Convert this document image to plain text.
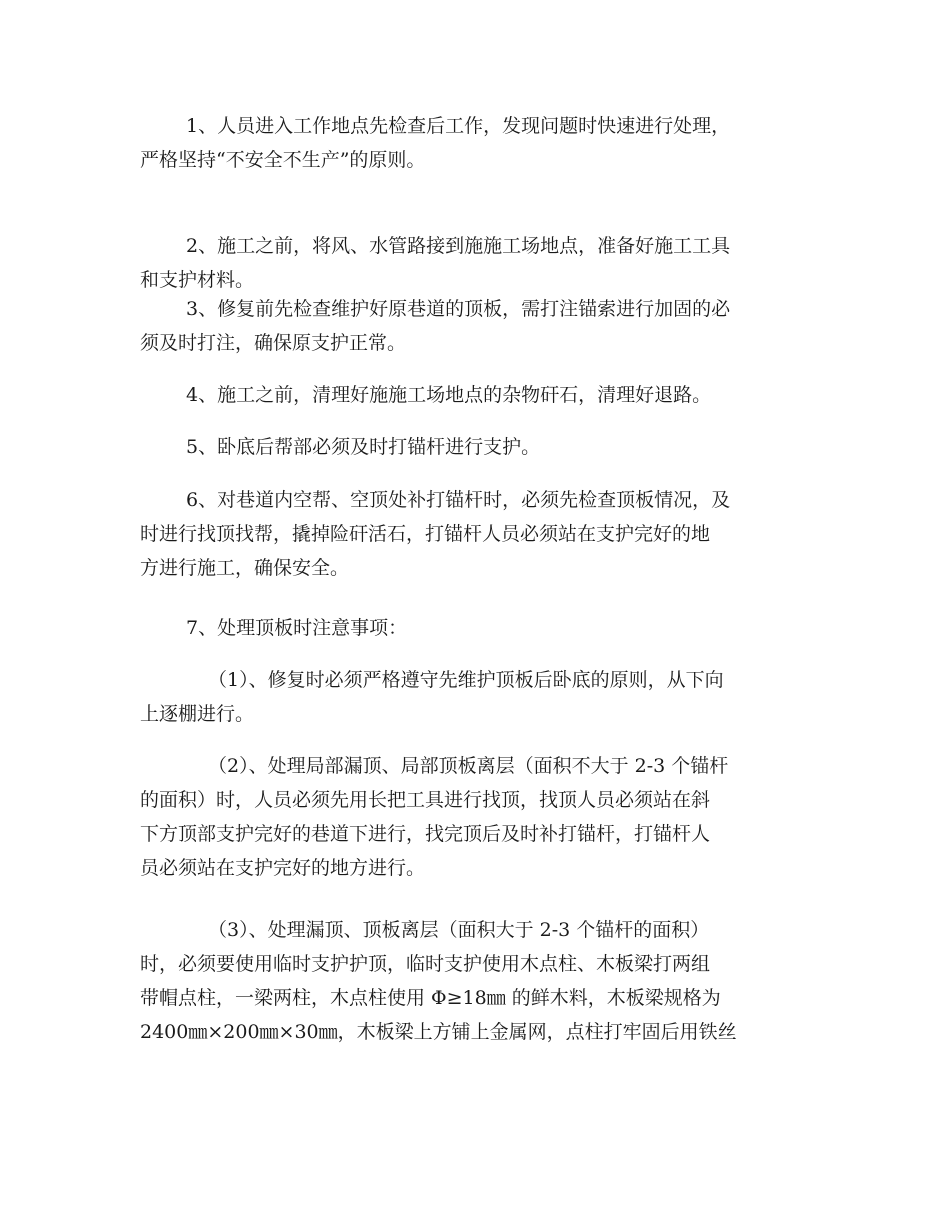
1、人员进入工作地点先检查后工作，发现问题时快速进行处理，
严格坚持“不安全不生产”的原则。
2、施工之前，将风、水管路接到施施工场地点，准备好施工工具
和支护材料。
3、修复前先检查维护好原巷道的顶板，需打注锚索进行加固的必
须及时打注，确保原支护正常。
4、施工之前，清理好施施工场地点的杂物矸石，清理好退路。
5、卧底后帮部必须及时打锚杆进行支护。
6、对巷道内空帮、空顶处补打锚杆时，必须先检查顶板情况，及
时进行找顶找帮，撬掉险矸活石，打锚杆人员必须站在支护完好的地
方进行施工，确保安全。
7、处理顶板时注意事项：
（1）、修复时必须严格遵守先维护顶板后卧底的原则，从下向
上逐棚进行。
（2）、处理局部漏顶、局部顶板离层（面积不大于 2-3 个锚杆
的面积）时，人员必须先用长把工具进行找顶，找顶人员必须站在斜
下方顶部支护完好的巷道下进行，找完顶后及时补打锚杆，打锚杆人
员必须站在支护完好的地方进行。
（3）、处理漏顶、顶板离层（面积大于 2-3 个锚杆的面积）
时，必须要使用临时支护护顶，临时支护使用木点柱、木板梁打两组
带帽点柱，一梁两柱，木点柱使用 Φ≥18㎜ 的鲜木料，木板梁规格为
2400㎜×200㎜×30㎜，木板梁上方铺上金属网，点柱打牢固后用铁丝
